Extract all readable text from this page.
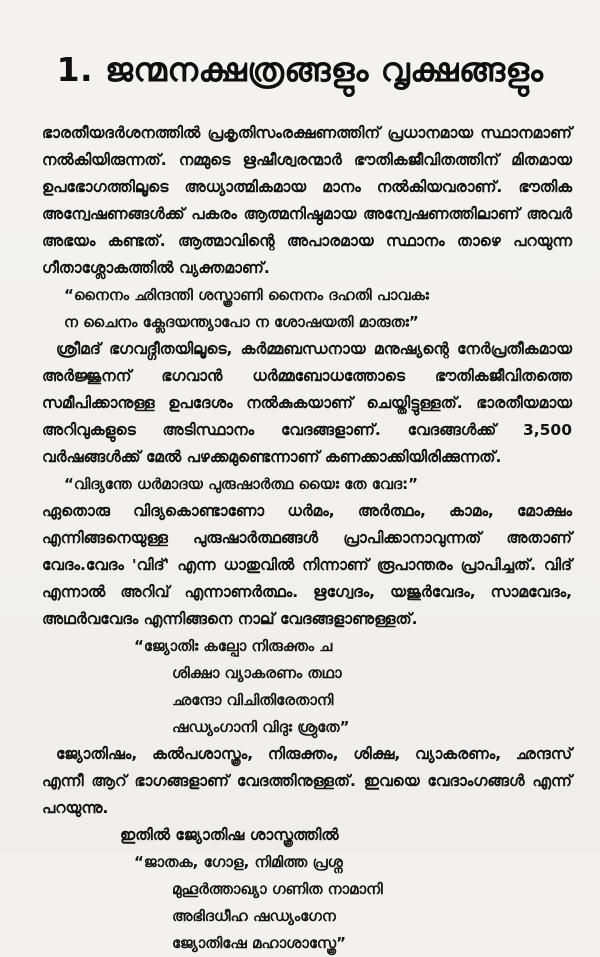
1. ജന്മനക്ഷത്രങ്ങളും വൃക്ഷങ്ങളും

ഭാരതീയദർശനത്തിൽ പ്രകൃതിസംരക്ഷണത്തിന് പ്രധാനമായ സ്ഥാനമാണ് നൽകിയിരുന്നത്. നമ്മുടെ ഋഷീശ്വരന്മാർ ഭൗതികജീവിതത്തിന് മിതമായ ഉപഭോഗത്തിലൂടെ അധ്യാത്മികമായ മാനം നൽകിയവരാണ്. ഭൗതിക അന്വേഷണങ്ങൾക്ക് പകരം ആത്മനിഷ്ഠമായ അന്വേഷണത്തിലാണ് അവർ അഭയം കണ്ടത്. ആത്മാവിന്റെ അപാരമായ സ്ഥാനം താഴെ പറയുന്ന ഗീതാശ്ലോകത്തിൽ വ്യക്തമാണ്.

“നൈനം ഛിന്ദന്തി ശസ്ത്രാണി നൈനം ദഹതി പാവകഃ
ന ചൈനം ക്ലേദയന്ത്യാപോ ന ശോഷയതി മാരുതഃ”

ശ്രീമദ് ഭഗവദ്ഗീതയിലൂടെ, കർമ്മബന്ധനായ മനുഷ്യന്റെ നേർപ്രതീകമായ അർജ്ജുനന് ഭഗവാൻ ധർമ്മബോധത്തോടെ ഭൗതികജീവിതത്തെ സമീപിക്കാനുള്ള ഉപദേശം നൽകുകയാണ് ചെയ്തിട്ടുള്ളത്. ഭാരതീയമായ അറിവുകളുടെ അടിസ്ഥാനം വേദങ്ങളാണ്. വേദങ്ങൾക്ക് 3,500 വർഷങ്ങൾക്ക് മേൽ പഴക്കമുണ്ടെന്നാണ് കണക്കാക്കിയിരിക്കുന്നത്.

“വിദ്യന്തേ ധർമാദയ പുരുഷാർത്ഥ യൈഃ തേ വേദ:”

ഏതൊരു വിദ്യകൊണ്ടാണോ ധർമം, അർത്ഥം, കാമം, മോക്ഷം എന്നിങ്ങനെയുള്ള പുരുഷാർത്ഥങ്ങൾ പ്രാപിക്കാനാവുന്നത് അതാണ് വേദം.വേദം 'വിദ്' എന്ന ധാതുവിൽ നിന്നാണ് രൂപാന്തരം പ്രാപിച്ചത്. വിദ് എന്നാൽ അറിവ് എന്നാണർത്ഥം. ഋഗ്വേദം, യജുർവേദം, സാമവേദം, അഥർവവേദം എന്നിങ്ങനെ നാല് വേദങ്ങളാണുള്ളത്.

“ജ്യോതിഃ കല്പോ നിരുക്തം ച
ശിക്ഷാ വ്യാകരണം തഥാ
ഛന്ദോ വിചിതിരേതാനി
ഷഡ്യംഗാനി വിദുഃ ശ്രുതേ”

ജ്യോതിഷം, കൽപശാസ്ത്രം, നിരുക്തം, ശിക്ഷ, വ്യാകരണം, ഛന്ദസ് എന്നീ ആറ് ഭാഗങ്ങളാണ് വേദത്തിനുള്ളത്. ഇവയെ വേദാംഗങ്ങൾ എന്ന് പറയുന്നു.

ഇതിൽ ജ്യോതിഷ ശാസ്ത്രത്തിൽ

“ജാതക, ഗോള, നിമിത്ത പ്രശ്ന
മുഹൂർത്താഖ്യാ ഗണിത നാമാനി
അഭിദധീഹ ഷഡ്യംഗേന
ജ്യോതിഷേ മഹാശാസ്ത്രേ”
